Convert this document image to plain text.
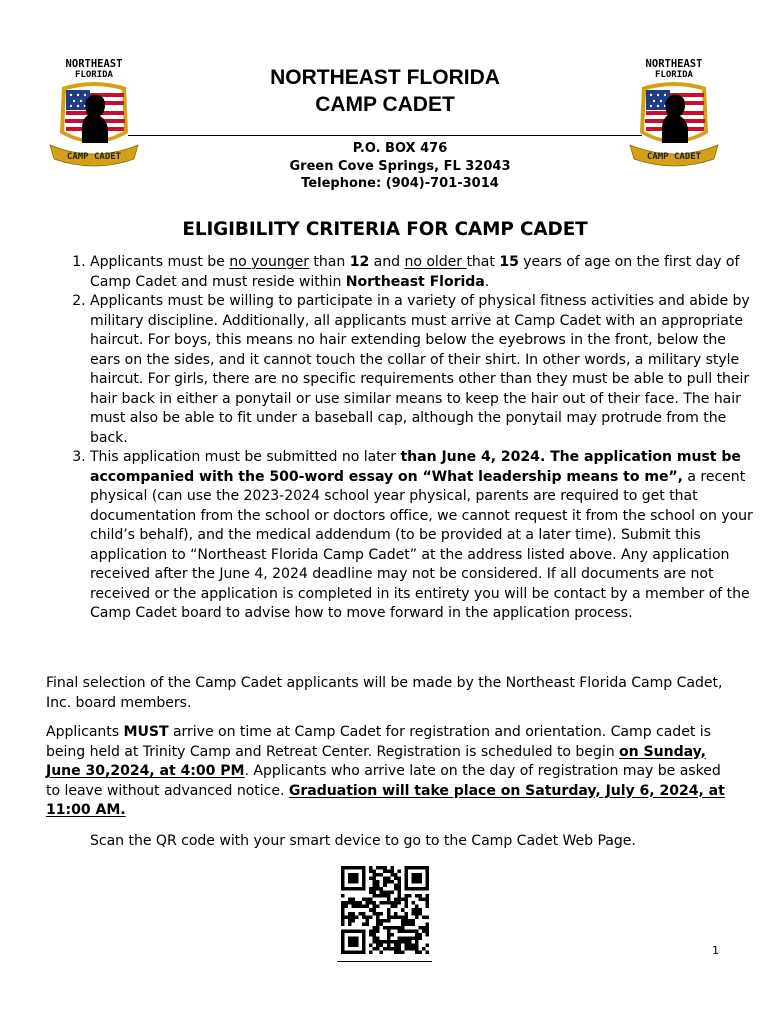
NORTHEAST
FLORIDA
CAMP CADET
NORTHEAST
FLORIDA
CAMP CADET
NORTHEAST FLORIDA
CAMP CADET
P.O. BOX 476
Green Cove Springs, FL 32043
Telephone: (904)-701-3014
ELIGIBILITY CRITERIA FOR CAMP CADET
1. Applicants must be no younger than 12 and no older that 15 years of age on the first day of Camp Cadet and must reside within Northeast Florida.
2. Applicants must be willing to participate in a variety of physical fitness activities and abide by military discipline. Additionally, all applicants must arrive at Camp Cadet with an appropriate haircut. For boys, this means no hair extending below the eyebrows in the front, below the ears on the sides, and it cannot touch the collar of their shirt. In other words, a military style haircut. For girls, there are no specific requirements other than they must be able to pull their hair back in either a ponytail or use similar means to keep the hair out of their face. The hair must also be able to fit under a baseball cap, although the ponytail may protrude from the back.
3. This application must be submitted no later than June 4, 2024. The application must be accompanied with the 500-word essay on “What leadership means to me”, a recent physical (can use the 2023-2024 school year physical, parents are required to get that documentation from the school or doctors office, we cannot request it from the school on your child’s behalf), and the medical addendum (to be provided at a later time). Submit this application to “Northeast Florida Camp Cadet” at the address listed above. Any application received after the June 4, 2024 deadline may not be considered. If all documents are not received or the application is completed in its entirety you will be contact by a member of the Camp Cadet board to advise how to move forward in the application process.

Final selection of the Camp Cadet applicants will be made by the Northeast Florida Camp Cadet, Inc. board members.

Applicants MUST arrive on time at Camp Cadet for registration and orientation. Camp cadet is being held at Trinity Camp and Retreat Center. Registration is scheduled to begin on Sunday, June 30,2024, at 4:00 PM. Applicants who arrive late on the day of registration may be asked to leave without advanced notice. Graduation will take place on Saturday, July 6, 2024, at 11:00 AM.

Scan the QR code with your smart device to go to the Camp Cadet Web Page.

1
